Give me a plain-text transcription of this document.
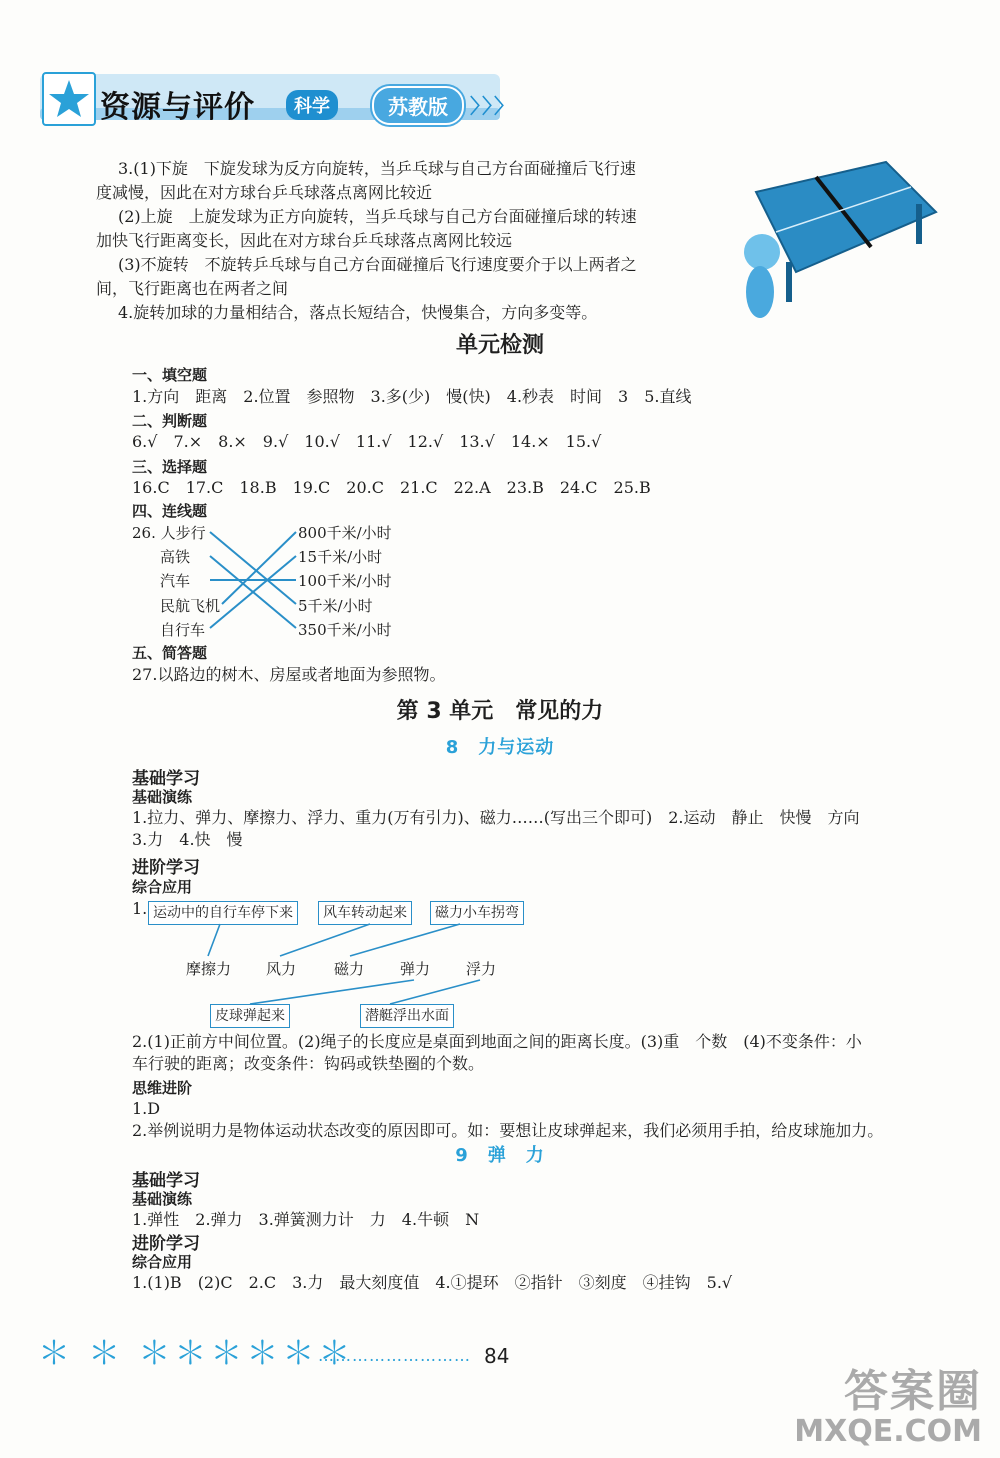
资源与评价	科学	苏教版	〉〉〉
3.(1)下旋　下旋发球为反方向旋转，当乒乓球与自己方台面碰撞后飞行速
度减慢，因此在对方球台乒乓球落点离网比较近
(2)上旋　上旋发球为正方向旋转，当乒乓球与自己方台面碰撞后球的转速
加快飞行距离变长，因此在对方球台乒乓球落点离网比较远
(3)不旋转　不旋转乒乓球与自己方台面碰撞后飞行速度要介于以上两者之
间，飞行距离也在两者之间
4.旋转加球的力量相结合，落点长短结合，快慢集合，方向多变等。
单元检测
一、填空题
1.方向　距离　2.位置　参照物　3.多(少)　慢(快)　4.秒表　时间　3　5.直线
二、判断题
6.√　7.×　8.×　9.√　10.√　11.√　12.√　13.√　14.×　15.√
三、选择题
16.C　17.C　18.B　19.C　20.C　21.C　22.A　23.B　24.C　25.B
四、连线题
26. 人步行
高铁
汽车
民航飞机
自行车
800千米/小时
15千米/小时
100千米/小时
5千米/小时
350千米/小时
五、简答题
27.以路边的树木、房屋或者地面为参照物。
第 3 单元　常见的力
8　力与运动
基础学习
基础演练
1.拉力、弹力、摩擦力、浮力、重力(万有引力)、磁力……(写出三个即可)　2.运动　静止　快慢　方向
3.力　4.快　慢
进阶学习
综合应用
1. 运动中的自行车停下来	风车转动起来	磁力小车拐弯
摩擦力 风力	磁力 弹力 浮力
皮球弹起来	潜艇浮出水面
2.(1)正前方中间位置。(2)绳子的长度应是桌面到地面之间的距离长度。(3)重　个数　(4)不变条件：小
车行驶的距离；改变条件：钩码或铁垫圈的个数。
思维进阶
1.D
2.举例说明力是物体运动状态改变的原因即可。如：要想让皮球弹起来，我们必须用手拍，给皮球施加力。
9　弹　力
基础学习
基础演练
1.弹性　2.弹力　3.弹簧测力计　力　4.牛顿　N
进阶学习
综合应用
1.(1)B　(2)C　2.C　3.力　最大刻度值　4.①提环　②指针　③刻度　④挂钩　5.√
＊ ＊ ＊＊＊＊＊＊
……………………… 84
答案圈
MXQE.COM
